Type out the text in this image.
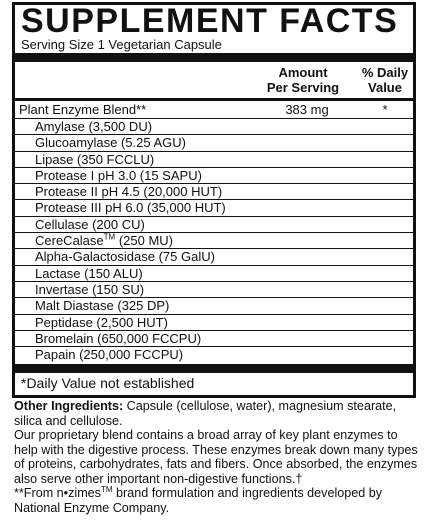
SUPPLEMENT FACTS
Serving Size 1 Vegetarian Capsule
Amount
Per Serving
% Daily
Value
Plant Enzyme Blend**	383 mg	*
Amylase (3,500 DU)
Glucoamylase (5.25 AGU)
Lipase (350 FCCLU)
Protease I pH 3.0 (15 SAPU)
Protease II pH 4.5 (20,000 HUT)
Protease III pH 6.0 (35,000 HUT)
Cellulase (200 CU)
CereCalase™ (250 MU)
Alpha-Galactosidase (75 GalU)
Lactase (150 ALU)
Invertase (150 SU)
Malt Diastase (325 DP)
Peptidase (2,500 HUT)
Bromelain (650,000 FCCPU)
Papain (250,000 FCCPU)
*Daily Value not established

Other Ingredients: Capsule (cellulose, water), magnesium stearate, silica and cellulose.

Our proprietary blend contains a broad array of key plant enzymes to help with the digestive process. These enzymes break down many types of proteins, carbohydrates, fats and fibers. Once absorbed, the enzymes also serve other important non-digestive functions.†

**From n•zimes™ brand formulation and ingredients developed by National Enzyme Company.
